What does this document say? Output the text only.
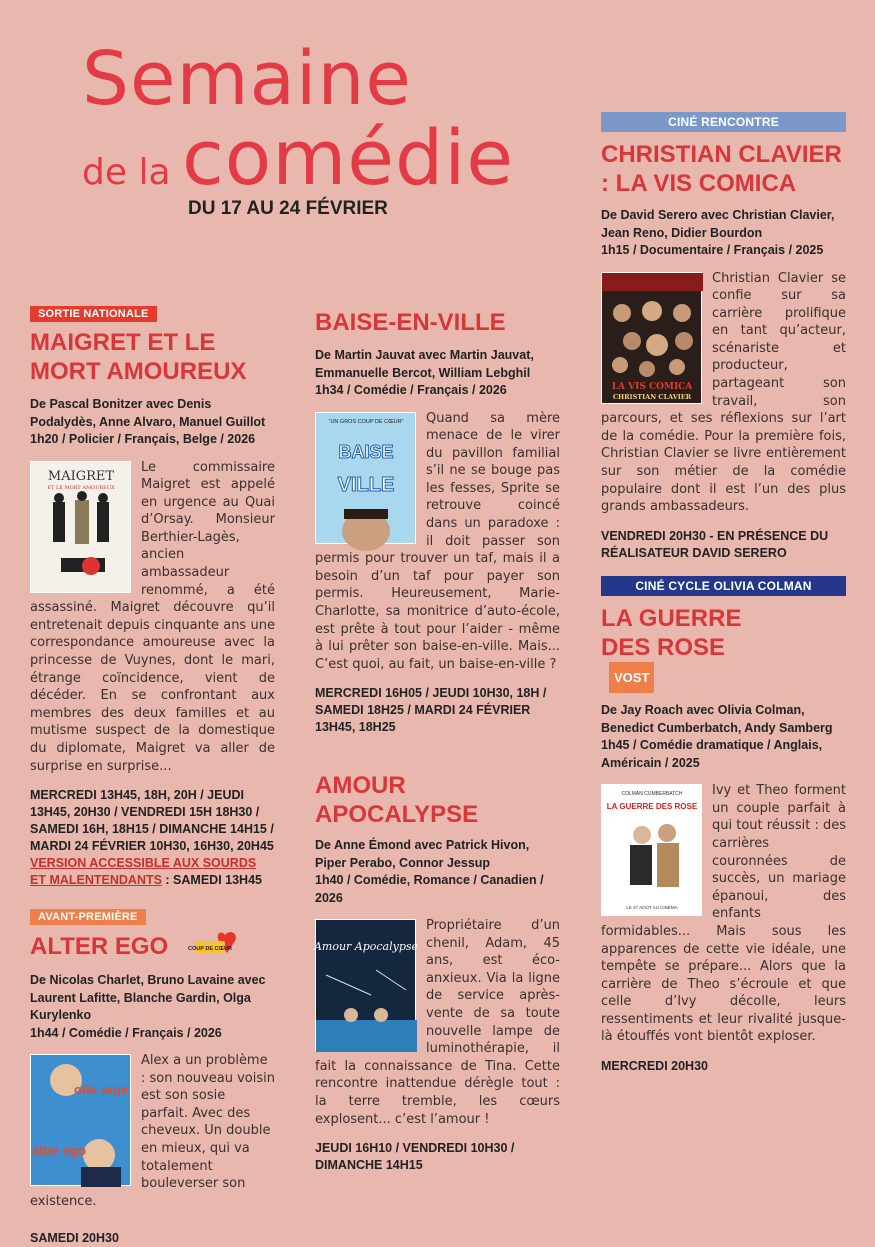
Semaine
de la comédie
DU 17 AU 24 FÉVRIER
SORTIE NATIONALE
MAIGRET ET LE MORT AMOUREUX
De Pascal Bonitzer avec Denis Podalydès, Anne Alvaro, Manuel Guillot
1h20 / Policier / Français, Belge / 2026
MAIGRET
ET LE MORT AMOUREUX
Le commissaire Maigret est appelé en urgence au Quai d’Orsay. Monsieur Berthier-Lagès, ancien ambassadeur renommé, a été assassiné. Maigret découvre qu’il entretenait depuis cinquante ans une correspondance amoureuse avec la princesse de Vuynes, dont le mari, étrange coïncidence, vient de décéder. En se confrontant aux membres des deux familles et au mutisme suspect de la domestique du diplomate, Maigret va aller de surprise en surprise...
MERCREDI 13H45, 18H, 20H / JEUDI 13H45, 20H30 / VENDREDI 15H 18H30 / SAMEDI 16H, 18H15 / DIMANCHE 14H15 / MARDI 24 FÉVRIER 10H30, 16H30, 20H45
VERSION ACCESSIBLE AUX SOURDS ET MALENTENDANTS : SAMEDI 13H45
AVANT-PREMIÈRE
ALTER EGO	COUP DE CŒUR
De Nicolas Charlet, Bruno Lavaine avec Laurent Lafitte, Blanche Gardin, Olga Kurylenko
1h44 / Comédie / Français / 2026
alter ego
alter ego
Alex a un problème : son nouveau voisin est son sosie parfait. Avec des cheveux. Un double en mieux, qui va totalement bouleverser son existence.
SAMEDI 20H30
BAISE-EN-VILLE
De Martin Jauvat avec Martin Jauvat, Emmanuelle Bercot, William Lebghil
1h34 / Comédie / Français / 2026
“UN GROS COUP DE CŒUR”
BAISE
VILLE
Quand sa mère menace de le virer du pavillon familial s’il ne se bouge pas les fesses, Sprite se retrouve coincé dans un paradoxe : il doit passer son permis pour trouver un taf, mais il a besoin d’un taf pour payer son permis. Heureusement, Marie-Charlotte, sa monitrice d’auto-école, est prête à tout pour l’aider - même à lui prêter son baise-en-ville. Mais... C’est quoi, au fait, un baise-en-ville ?
MERCREDI 16H05 / JEUDI 10H30, 18H / SAMEDI 18H25 / MARDI 24 FÉVRIER 13H45, 18H25
AMOUR APOCALYPSE
De Anne Émond avec Patrick Hivon, Piper Perabo, Connor Jessup
1h40 / Comédie, Romance / Canadien / 2026
Amour Apocalypse
Propriétaire d’un chenil, Adam, 45 ans, est éco-anxieux. Via la ligne de service après-vente de sa toute nouvelle lampe de luminothérapie, il fait la connaissance de Tina. Cette rencontre inattendue dérègle tout : la terre tremble, les cœurs explosent... c’est l’amour !
JEUDI 16H10 / VENDREDI 10H30 / DIMANCHE 14H15
CINÉ RENCONTRE
CHRISTIAN CLAVIER : LA VIS COMICA
De David Serero avec Christian Clavier, Jean Reno, Didier Bourdon
1h15 / Documentaire / Français / 2025
LA VIS COMICA
CHRISTIAN CLAVIER
Christian Clavier se confie sur sa carrière prolifique en tant qu’acteur, scénariste et producteur, partageant son travail, son parcours, et ses réflexions sur l’art de la comédie. Pour la première fois, Christian Clavier se livre entièrement sur son métier de la comédie populaire dont il est l’un des plus grands ambassadeurs.
VENDREDI 20H30 - EN PRÉSENCE DU RÉALISATEUR DAVID SERERO
CINÉ CYCLE OLIVIA COLMAN
LA GUERRE DES ROSEVOST
De Jay Roach avec Olivia Colman, Benedict Cumberbatch, Andy Samberg
1h45 / Comédie dramatique / Anglais, Américain / 2025
COLMAN CUMBERBATCH
LA GUERRE DES ROSE
LE 27 AOÛT AU CINÉMA
Ivy et Theo forment un couple parfait à qui tout réussit : des carrières couronnées de succès, un mariage épanoui, des enfants formidables... Mais sous les apparences de cette vie idéale, une tempête se prépare... Alors que la carrière de Theo s’écroule et que celle d’Ivy décolle, leurs ressentiments et leur rivalité jusque-là étouffés vont bientôt exploser.
MERCREDI 20H30
